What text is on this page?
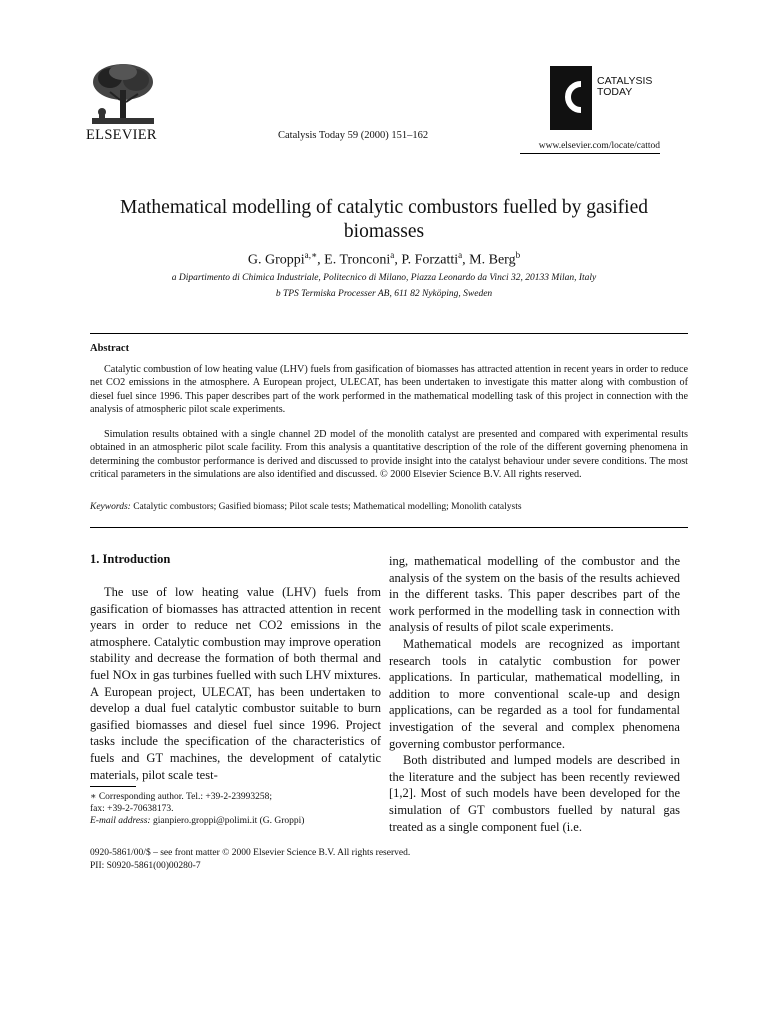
ELSEVIER	Catalysis Today 59 (2000) 151–162
CATALYSIS
TODAY
www.elsevier.com/locate/cattod
Mathematical modelling of catalytic combustors fuelled by gasified biomasses
G. Groppi$^{a,∗}$, E. Tronconi$^a$, P. Forzatti$^a$, M. Berg$^b$
a Dipartimento di Chimica Industriale, Politecnico di Milano, Piazza Leonardo da Vinci 32, 20133 Milan, Italy
b TPS Termiska Processer AB, 611 82 Nyköping, Sweden
Abstract

Catalytic combustion of low heating value (LHV) fuels from gasification of biomasses has attracted attention in recent years in order to reduce net CO2 emissions in the atmosphere. A European project, ULECAT, has been undertaken to investigate this matter along with combustion of diesel fuel since 1996. This paper describes part of the work performed in the mathematical modelling task of this project in connection with the analysis of atmospheric pilot scale experiments.

Simulation results obtained with a single channel 2D model of the monolith catalyst are presented and compared with experimental results obtained in an atmospheric pilot scale facility. From this analysis a quantitative description of the role of the different governing phenomena in determining the combustor performance is derived and discussed to provide insight into the catalyst behaviour under severe conditions. The most critical parameters in the simulations are also identified and discussed. © 2000 Elsevier Science B.V. All rights reserved.

Keywords: Catalytic combustors; Gasified biomass; Pilot scale tests; Mathematical modelling; Monolith catalysts
1. Introduction

The use of low heating value (LHV) fuels from gasification of biomasses has attracted attention in recent years in order to reduce net CO2 emissions in the atmosphere. Catalytic combustion may improve operation stability and decrease the formation of both thermal and fuel NOx in gas turbines fuelled with such LHV mixtures. A European project, ULECAT, has been undertaken to develop a dual fuel catalytic combustor suitable to burn gasified biomasses and diesel fuel since 1996. Project tasks include the specification of the characteristics of fuels and GT machines, the development of catalytic materials, pilot scale test-

ing, mathematical modelling of the combustor and the analysis of the system on the basis of the results achieved in the different tasks. This paper describes part of the work performed in the modelling task in connection with analysis of results of pilot scale experiments.

Mathematical models are recognized as important research tools in catalytic combustion for power applications. In particular, mathematical modelling, in addition to more conventional scale-up and design applications, can be regarded as a tool for fundamental investigation of the several and complex phenomena governing combustor performance.

Both distributed and lumped models are described in the literature and the subject has been recently reviewed [1,2]. Most of such models have been developed for the simulation of GT combustors fuelled by natural gas treated as a single component fuel (i.e.

∗ Corresponding author. Tel.: +39-2-23993258;
fax: +39-2-70638173.
E-mail address: gianpiero.groppi@polimi.it (G. Groppi)
0920-5861/00/$ – see front matter © 2000 Elsevier Science B.V. All rights reserved.
PII: S0920-5861(00)00280-7
